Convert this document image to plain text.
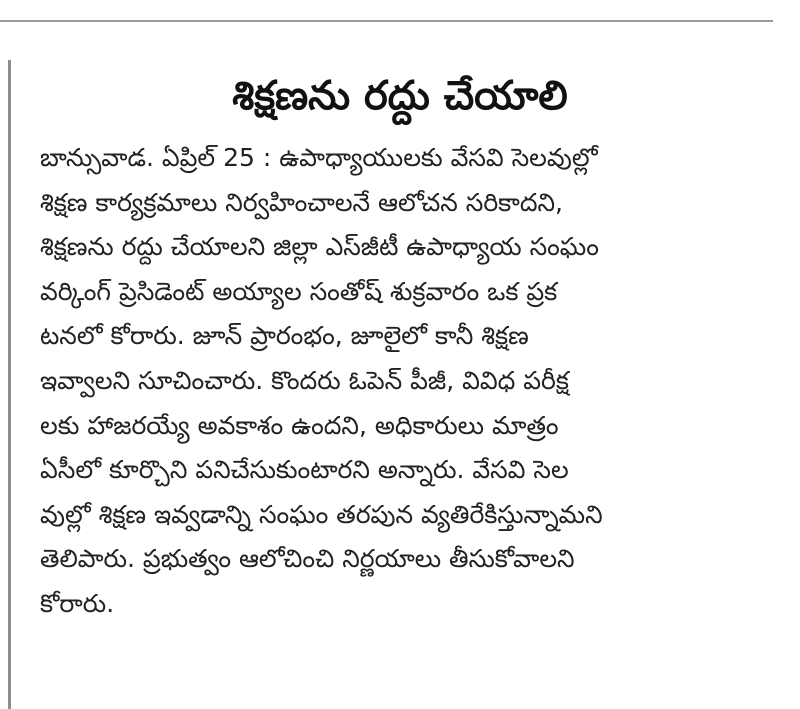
శిక్షణను రద్దు చేయాలి
బాన్సువాడ. ఏప్రిల్ 25 : ఉపాధ్యాయులకు వేసవి సెలవుల్లో
శిక్షణ కార్యక్రమాలు నిర్వహించాలనే ఆలోచన సరికాదని,
శిక్షణను రద్దు చేయాలని జిల్లా ఎస్‌జీటీ ఉపాధ్యాయ సంఘం
వర్కింగ్ ప్రెసిడెంట్ అయ్యాల సంతోష్ శుక్రవారం ఒక ప్రక
టనలో కోరారు. జూన్ ప్రారంభం, జూలైలో కానీ శిక్షణ
ఇవ్వాలని సూచించారు. కొందరు ఓపెన్ పీజీ, వివిధ పరీక్ష
లకు హాజరయ్యే అవకాశం ఉందని, అధికారులు మాత్రం
ఏసీలో కూర్చొని పనిచేసుకుంటారని అన్నారు. వేసవి సెల
వుల్లో శిక్షణ ఇవ్వడాన్ని సంఘం తరపున వ్యతిరేకిస్తున్నామని
తెలిపారు. ప్రభుత్వం ఆలోచించి నిర్ణయాలు తీసుకోవాలని
కోరారు.
